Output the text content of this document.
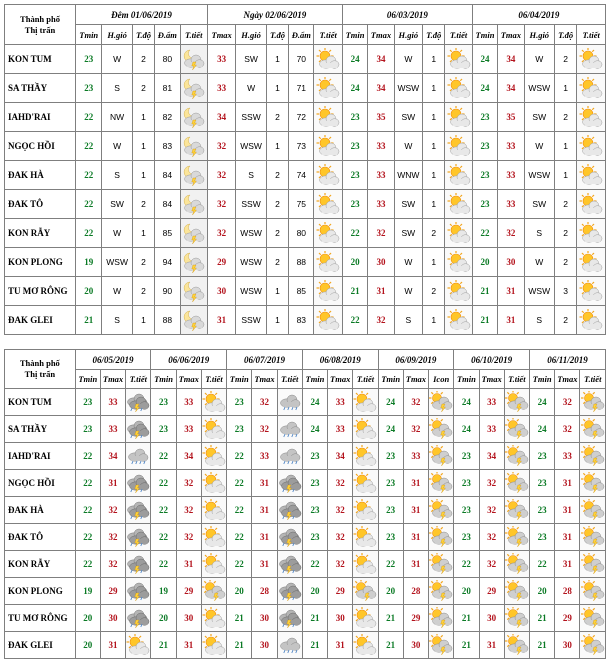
Thành phố
Thị trấn	Đêm 01/06/2019					Ngày 02/06/2019					06/03/2019					06/04/2019				
	Tmin	H.gió	T.độ	Đ.ẩm	T.tiết	Tmax	H.gió	T.độ	Đ.ẩm	T.tiết	Tmin	Tmax	H.gió	T.độ	T.tiết	Tmin	Tmax	H.gió	T.độ	T.tiết
KON TUM	23	W	2	80		33	SW	1	70		24	34	W	1		24	34	W	2	

SA THẦY	23	S	2	81		33	W	1	71		24	34	WSW	1		24	34	WSW	1	

IAHD'RAI	22	NW	1	82		34	SSW	2	72		23	35	SW	1		23	35	SW	2	

NGỌC HỒI	22	W	1	83		32	WSW	1	73		23	33	W	1		23	33	W	1	

ĐAK HÀ	22	S	1	84		32	S	2	74		23	33	WNW	1		23	33	WSW	1	

ĐAK TÔ	22	SW	2	84		32	SSW	2	75		23	33	SW	1		23	33	SW	2	

KON RẪY	22	W	1	85		32	WSW	2	80		22	32	SW	2		22	32	S	2	

KON PLONG	19	WSW	2	94		29	WSW	2	88		20	30	W	1		20	30	W	2	

TU MƠ RÔNG	20	W	2	90		30	WSW	1	85		21	31	W	2		21	31	WSW	3	

ĐAK GLEI	21	S	1	88		31	SSW	1	83		22	32	S	1		21	31	S	2	
Thành phố
Thị trấn	06/05/2019			06/06/2019			06/07/2019			06/08/2019			06/09/2019			06/10/2019			06/11/2019		
	Tmin	Tmax	T.tiết	Tmin	Tmax	T.tiết	Tmin	Tmax	T.tiết	Tmin	Tmax	T.tiết	Tmin	Tmax	Icon	Tmin	Tmax	T.tiết	Tmin	Tmax	T.tiết
KON TUM	23	33		23	33		23	32		24	33		24	32		24	33		24	32	

SA THẦY	23	33		23	33		23	32		24	33		24	32		24	33		24	32	

IAHD'RAI	22	34		22	34		22	33		23	34		23	33		23	34		23	33	

NGỌC HỒI	22	31		22	32		22	31		23	32		23	31		23	32		23	31	

ĐAK HÀ	22	32		22	32		22	31		23	32		23	31		23	32		23	31	

ĐAK TÔ	22	32		22	32		22	31		23	32		23	31		23	32		23	31	

KON RẪY	22	32		22	31		22	31		22	32		22	31		22	32		22	31	

KON PLONG	19	29		19	29		20	28		20	29		20	28		20	29		20	28	

TU MƠ RÔNG	20	30		20	30		21	30		21	30		21	29		21	30		21	29	

ĐAK GLEI	20	31		21	31		21	30		21	31		21	30		21	31		21	30	
